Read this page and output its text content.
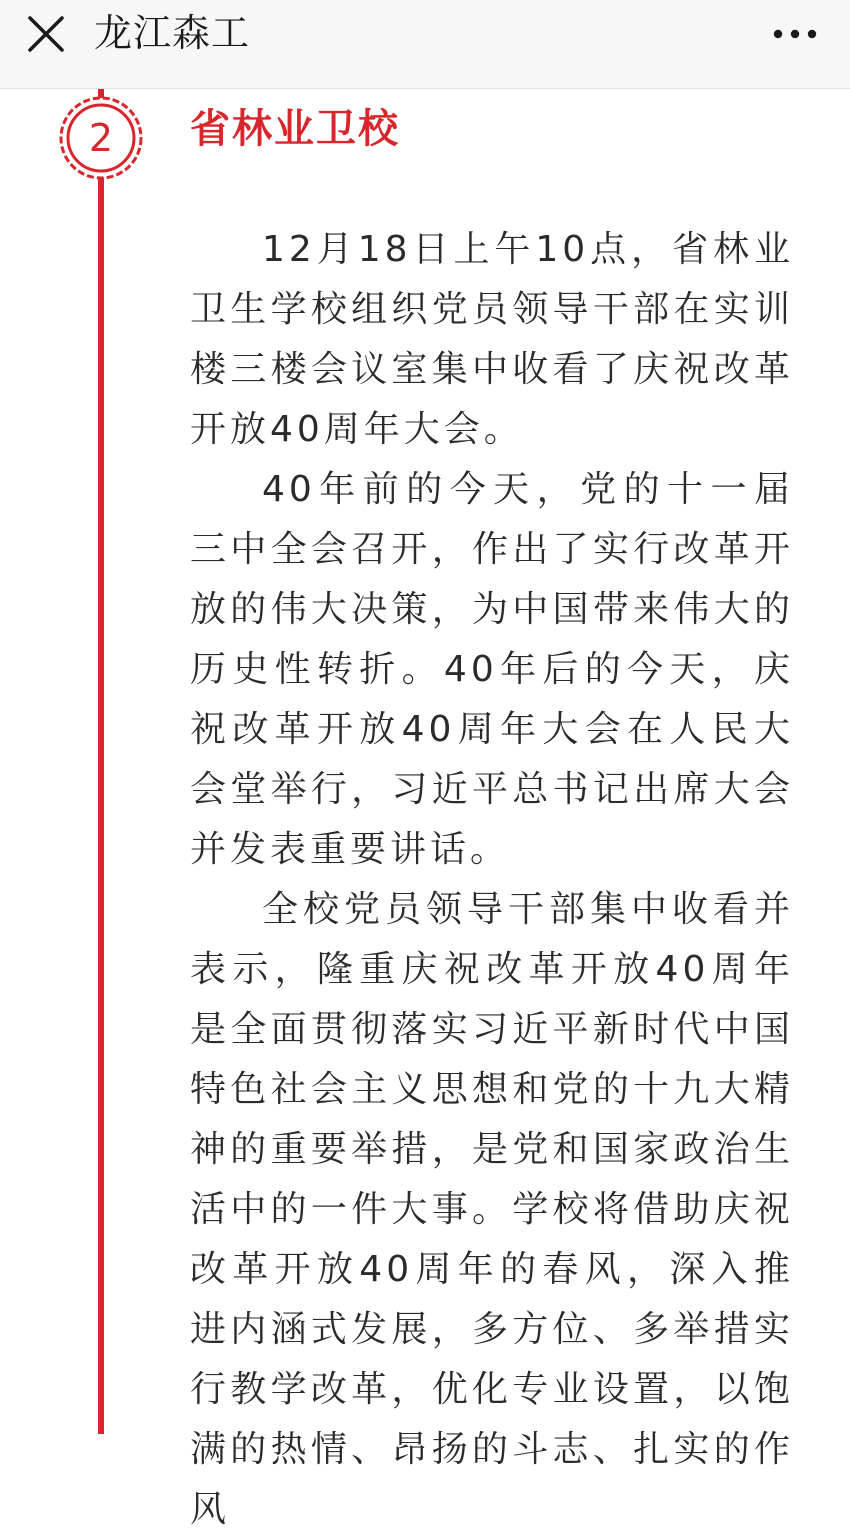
龙江森工
2	省林业卫校

12月18日上午10点，省林业卫生学校组织党员领导干部在实训楼三楼会议室集中收看了庆祝改革开放40周年大会。

40年前的今天，党的十一届三中全会召开，作出了实行改革开放的伟大决策，为中国带来伟大的历史性转折。40年后的今天，庆祝改革开放40周年大会在人民大会堂举行，习近平总书记出席大会并发表重要讲话。

全校党员领导干部集中收看并表示，隆重庆祝改革开放40周年是全面贯彻落实习近平新时代中国特色社会主义思想和党的十九大精神的重要举措，是党和国家政治生活中的一件大事。学校将借助庆祝改革开放40周年的春风，深入推进内涵式发展，多方位、多举措实行教学改革，优化专业设置，以饱满的热情、昂扬的斗志、扎实的作风
